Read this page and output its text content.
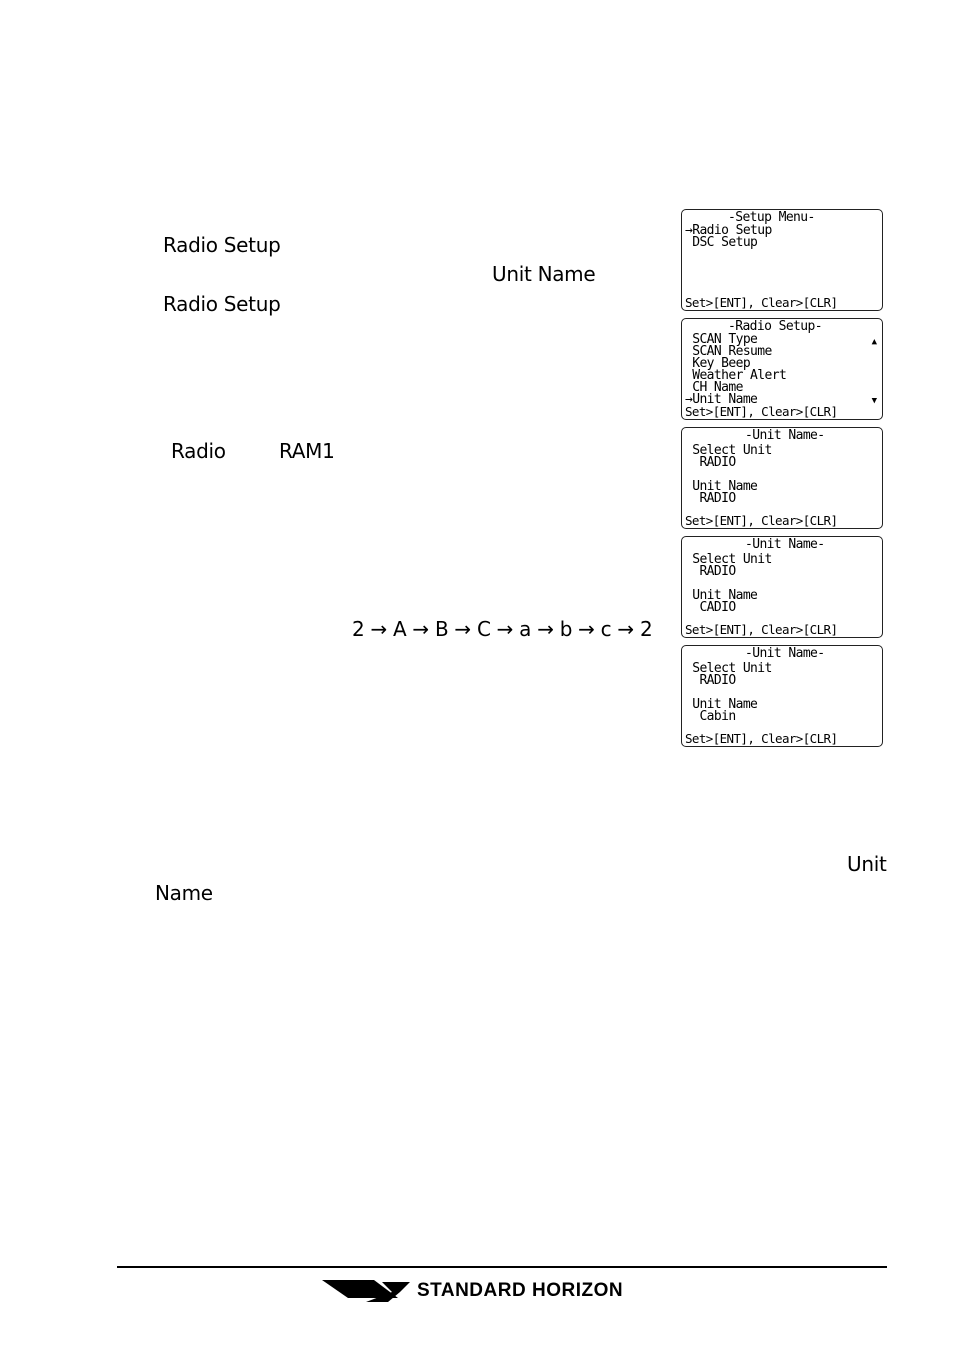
Radio Setup
Unit Name
Radio Setup
Radio	RAM1
2 → A → B → C → a → b → c → 2
Unit
Name
-Setup Menu-
→Radio Setup
DSC Setup
Set>[ENT], Clear>[CLR]
-Radio Setup-
SCAN Type
SCAN Resume
Key Beep
Weather Alert
CH Name
→Unit Name
▲
▼
Set>[ENT], Clear>[CLR]
-Unit Name-
Select Unit
RADIO
Unit Name
RADIO
Set>[ENT], Clear>[CLR]
-Unit Name-
Select Unit
RADIO
Unit Name
CADIO
Set>[ENT], Clear>[CLR]
-Unit Name-
Select Unit
RADIO
Unit Name
Cabin
Set>[ENT], Clear>[CLR]
STANDARD HORIZON
